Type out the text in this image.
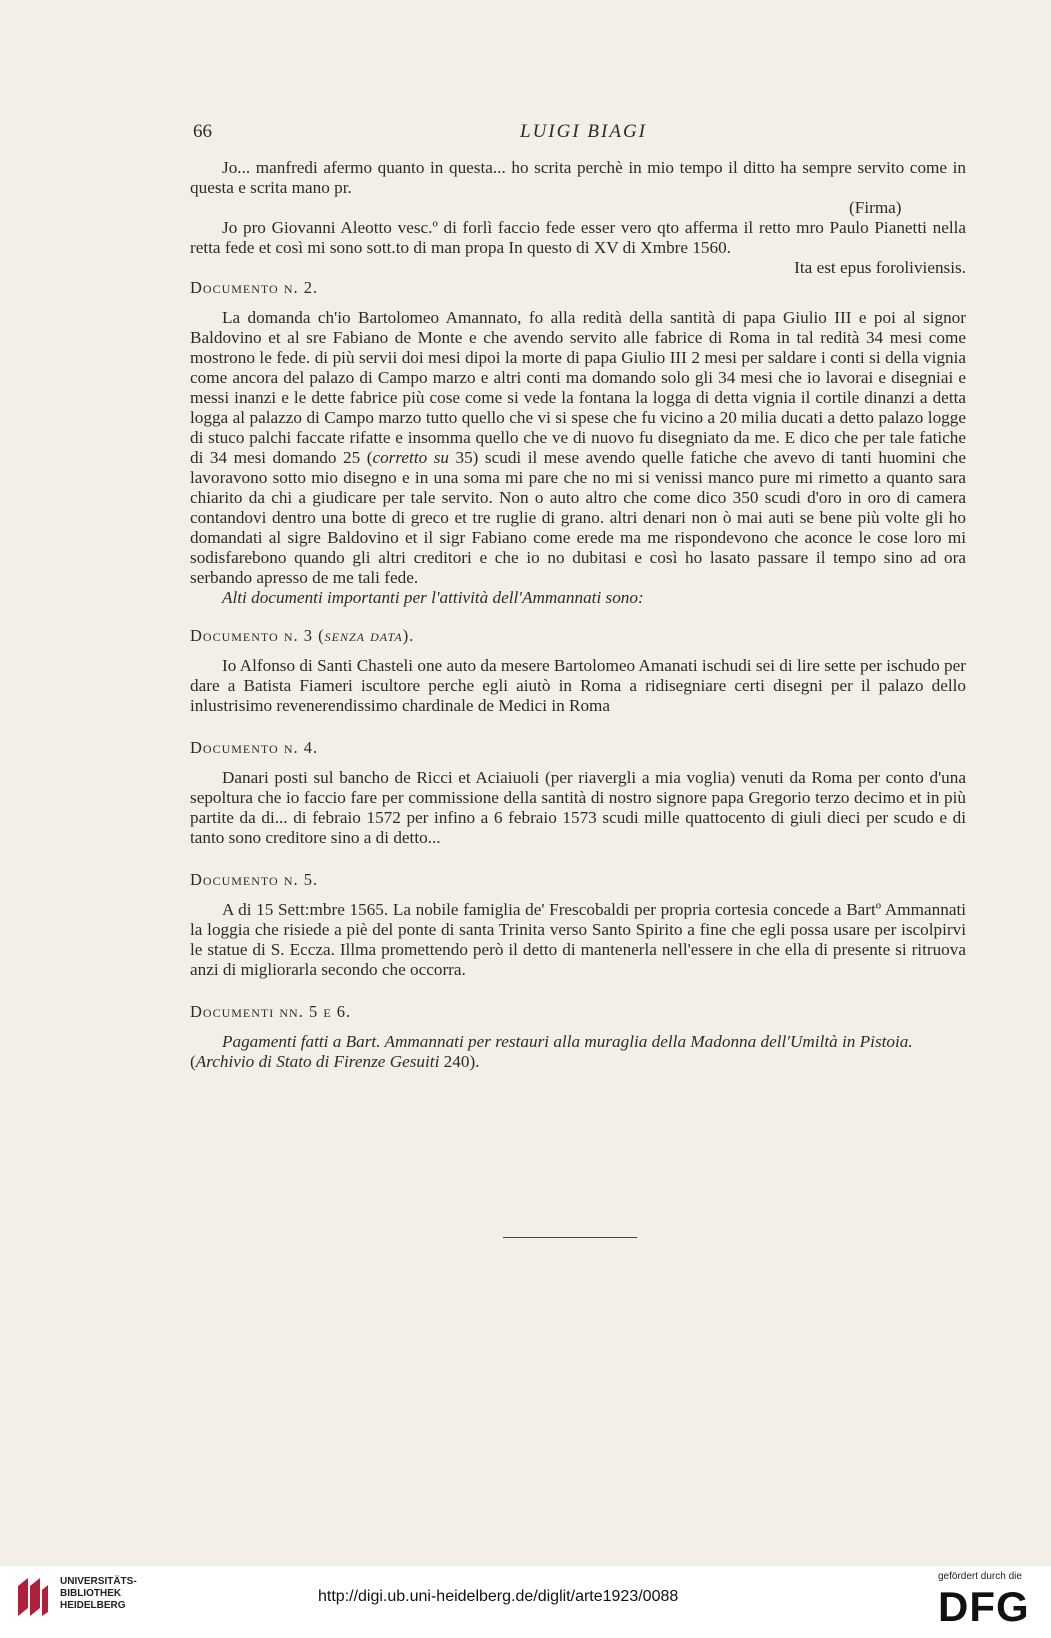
66	LUIGI BIAGI

Jo... manfredi afermo quanto in questa... ho scrita perchè in mio tempo il ditto ha sempre servito come in questa e scrita mano pr.

(Firma)

Jo pro Giovanni Aleotto vesc.º di forlì faccio fede esser vero qto afferma il retto mro Paulo Pianetti nella retta fede et così mi sono sott.to di man propa In questo di XV di Xmbre 1560.

Ita est epus foroliviensis.

Documento n. 2.

La domanda ch'io Bartolomeo Amannato, fo alla redità della santità di papa Giulio III e poi al signor Baldovino et al sre Fabiano de Monte e che avendo servito alle fabrice di Roma in tal redità 34 mesi come mostrono le fede. di più servii doi mesi dipoi la morte di papa Giulio III 2 mesi per saldare i conti si della vignia come ancora del palazo di Campo marzo e altri conti ma domando solo gli 34 mesi che io lavorai e disegniai e messi inanzi e le dette fabrice più cose come si vede la fontana la logga di detta vignia il cortile dinanzi a detta logga al palazzo di Campo marzo tutto quello che vi si spese che fu vicino a 20 milia ducati a detto palazo logge di stuco palchi faccate rifatte e insomma quello che ve di nuovo fu disegniato da me. E dico che per tale fatiche di 34 mesi domando 25 (corretto su 35) scudi il mese avendo quelle fatiche che avevo di tanti huomini che lavoravono sotto mio disegno e in una soma mi pare che no mi si venissi manco pure mi rimetto a quanto sara chiarito da chi a giudicare per tale servito. Non o auto altro che come dico 350 scudi d'oro in oro di camera contandovi dentro una botte di greco et tre ruglie di grano. altri denari non ò mai auti se bene più volte gli ho domandati al sigre Baldovino et il sigr Fabiano come erede ma me rispondevono che aconce le cose loro mi sodisfarebono quando gli altri creditori e che io no dubitasi e così ho lasato passare il tempo sino ad ora serbando apresso de me tali fede.

Alti documenti importanti per l'attività dell'Ammannati sono:

Documento n. 3 (senza data).

Io Alfonso di Santi Chasteli one auto da mesere Bartolomeo Amanati ischudi sei di lire sette per ischudo per dare a Batista Fiameri iscultore perche egli aiutò in Roma a ridisegniare certi disegni per il palazo dello inlustrisimo revenerendissimo chardinale de Medici in Roma

Documento n. 4.

Danari posti sul bancho de Ricci et Aciaiuoli (per riavergli a mia voglia) venuti da Roma per conto d'una sepoltura che io faccio fare per commissione della santità di nostro signore papa Gregorio terzo decimo et in più partite da di... di febraio 1572 per infino a 6 febraio 1573 scudi mille quattocento di giuli dieci per scudo e di tanto sono creditore sino a di detto...

Documento n. 5.

A di 15 Sett:mbre 1565. La nobile famiglia de' Frescobaldi per propria cortesia concede a Bartº Ammannati la loggia che risiede a piè del ponte di santa Trinita verso Santo Spirito a fine che egli possa usare per iscolpirvi le statue di S. Eccza. Illma promettendo però il detto di mantenerla nell'essere in che ella di presente si ritruova anzi di migliorarla secondo che occorra.

Documenti nn. 5 e 6.

Pagamenti fatti a Bart. Ammannati per restauri alla muraglia della Madonna dell'Umiltà in Pistoia.

(Archivio di Stato di Firenze Gesuiti 240).

UNIVERSITÄTS-
BIBLIOTHEK
HEIDELBERG
http://digi.ub.uni-heidelberg.de/diglit/arte1923/0088
gefördert durch die
DFG
